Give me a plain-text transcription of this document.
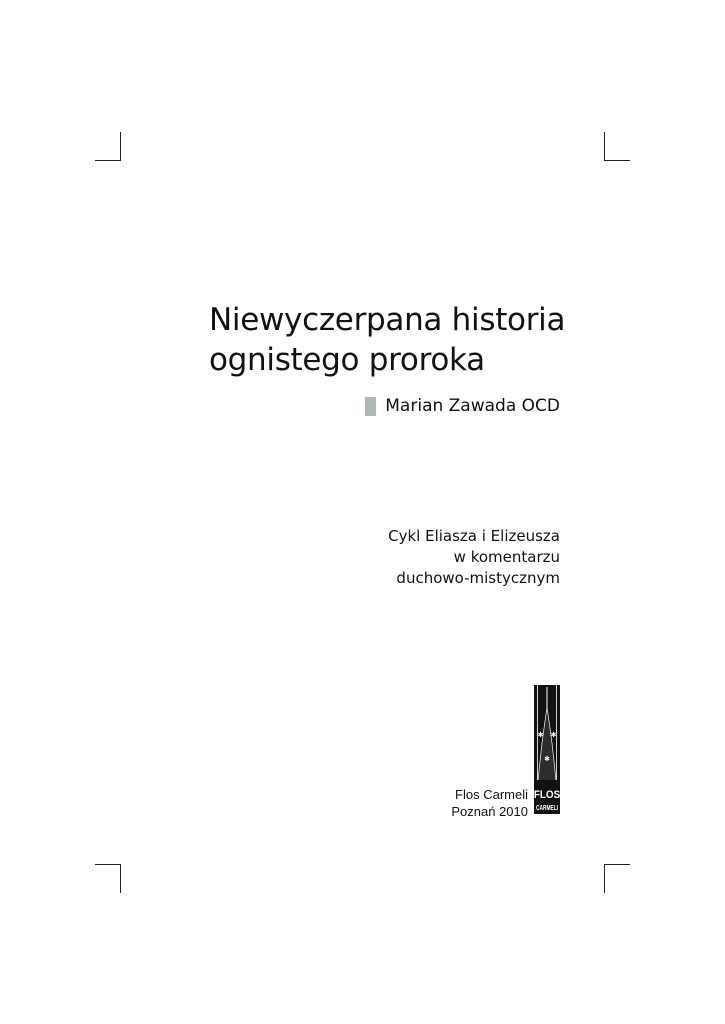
Niewyczerpana historia
ognistego proroka
Marian Zawada OCD
Cykl Eliasza i Elizeusza
w komentarzu
duchowo-mistycznym
Flos Carmeli
Poznań 2010
✱ ✱
✱
FLOS
CARMELI
